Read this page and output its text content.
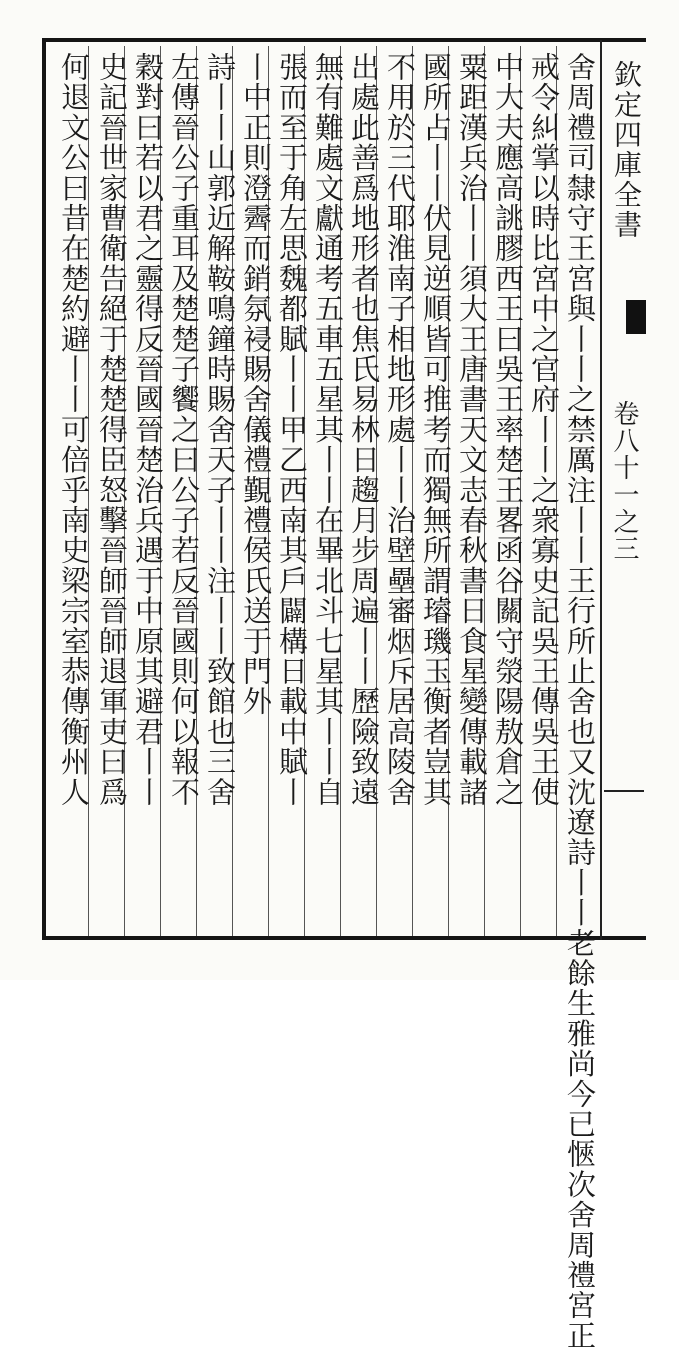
欽定四庫全書
卷八十一之三
舍周禮司隸守王宮與丨丨之禁厲注丨丨王行所止舍也又沈遼詩丨丨老餘生雅尚今已愜次舍周禮宮正
戒令糾掌以時比宮中之官府丨丨之衆寡史記吳王傳吳王使
中大夫應高誂膠西王曰吳王率楚王畧函谷關守滎陽敖倉之
粟距漢兵治丨丨須大王唐書天文志春秋書日食星變傳載諸
國所占丨丨伏見逆順皆可推考而獨無所謂璿璣玉衡者豈其
不用於三代耶淮南子相地形處丨丨治壁壘審烟斥居高陵舍
出處此善爲地形者也焦氏易林日趨月步周遍丨丨歷險致遠
無有難處文獻通考五車五星其丨丨在畢北斗七星其丨丨自
張而至于角左思魏都賦丨丨甲乙西南其戶闢構日載中賦丨
丨中正則澄霽而銷氛祲賜舍儀禮覲禮侯氏送于門外
詩丨丨山郭近解鞍鳴鐘時賜舍天子丨丨注丨丨致館也三舍
左傳晉公子重耳及楚楚子饗之曰公子若反晉國則何以報不
穀對曰若以君之靈得反晉國晉楚治兵遇于中原其避君丨丨
史記晉世家曹衛告絕于楚楚得臣怒擊晉師晉師退軍吏曰爲
何退文公曰昔在楚約避丨丨可倍乎南史梁宗室恭傳衡州人
